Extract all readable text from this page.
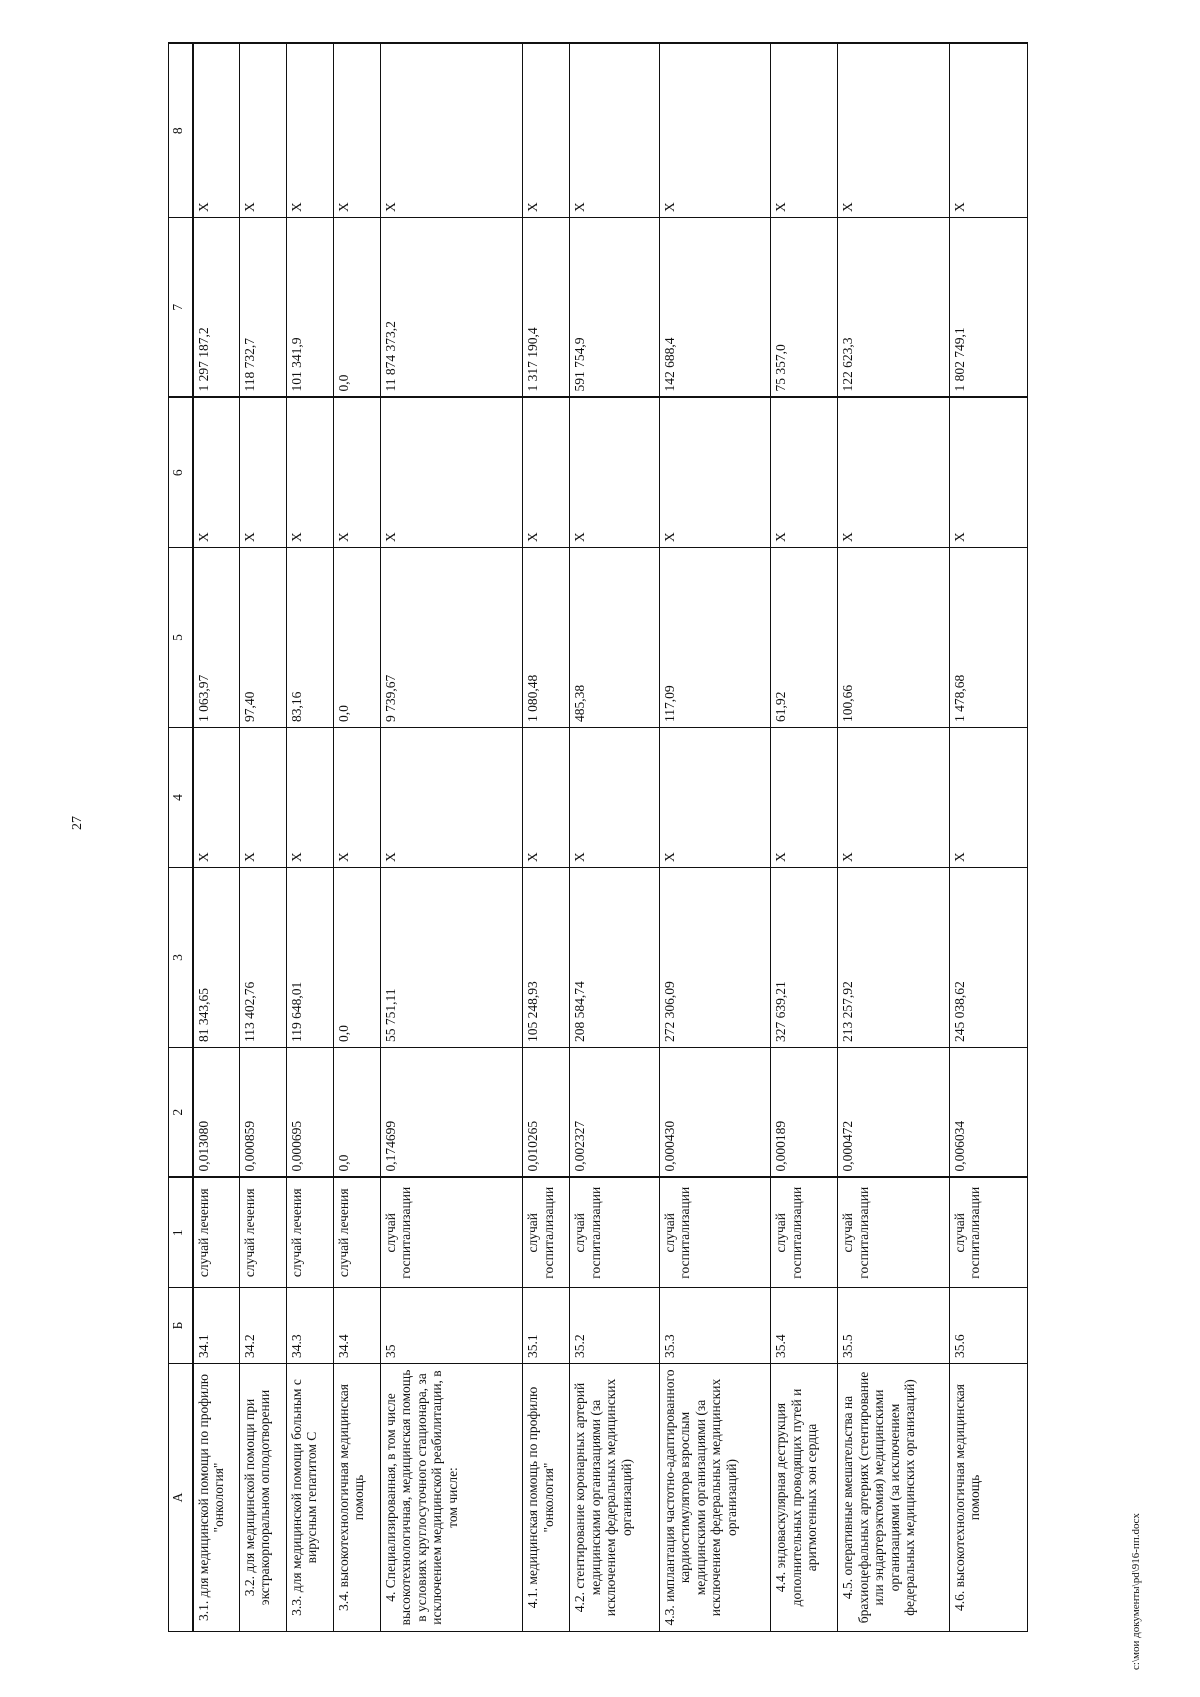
27
А	Б	1	2	3	4	5	6	7	8
3.1. для медицинской помощи по профилю "онкология"	34.1	случай лечения	0,013080	81 343,65	Х	1 063,97	Х	1 297 187,2	Х
3.2. для медицинской помощи при экстракорпоральном оплодотворении	34.2	случай лечения	0,000859	113 402,76	Х	97,40	Х	118 732,7	Х
3.3. для медицинской помощи больным с вирусным гепатитом С	34.3	случай лечения	0,000695	119 648,01	Х	83,16	Х	101 341,9	Х
3.4. высокотехнологичная медицинская помощь	34.4	случай лечения	0,0	0,0	Х	0,0	Х	0,0	Х
4. Специализированная, в том числе высокотехнологичная, медицинская помощь в условиях круглосуточного стационара, за исключением медицинской реабилитации, в том числе:	35	случай госпитализации	0,174699	55 751,11	Х	9 739,67	Х	11 874 373,2	Х
4.1. медицинская помощь по профилю "онкология"	35.1	случай госпитализации	0,010265	105 248,93	Х	1 080,48	Х	1 317 190,4	Х
4.2. стентирование коронарных артерий медицинскими организациями (за исключением федеральных медицинских организаций)	35.2	случай госпитализации	0,002327	208 584,74	Х	485,38	Х	591 754,9	Х
4.3. имплантация частотно-адаптированного кардиостимулятора взрослым медицинскими организациями (за исключением федеральных медицинских организаций)	35.3	случай госпитализации	0,000430	272 306,09	Х	117,09	Х	142 688,4	Х
4.4. эндоваскулярная деструкция дополнительных проводящих путей и аритмогенных зон сердца	35.4	случай госпитализации	0,000189	327 639,21	Х	61,92	Х	75 357,0	Х
4.5. оперативные вмешательства на брахиоцефальных артериях (стентирование или эндартерэктомия) медицинскими организациями (за исключением федеральных медицинских организаций)	35.5	случай госпитализации	0,000472	213 257,92	Х	100,66	Х	122 623,3	Х
4.6. высокотехнологичная медицинская помощь	35.6	случай госпитализации	0,006034	245 038,62	Х	1 478,68	Х	1 802 749,1	Х
c:\мои документы\pd\916-пп.docx
